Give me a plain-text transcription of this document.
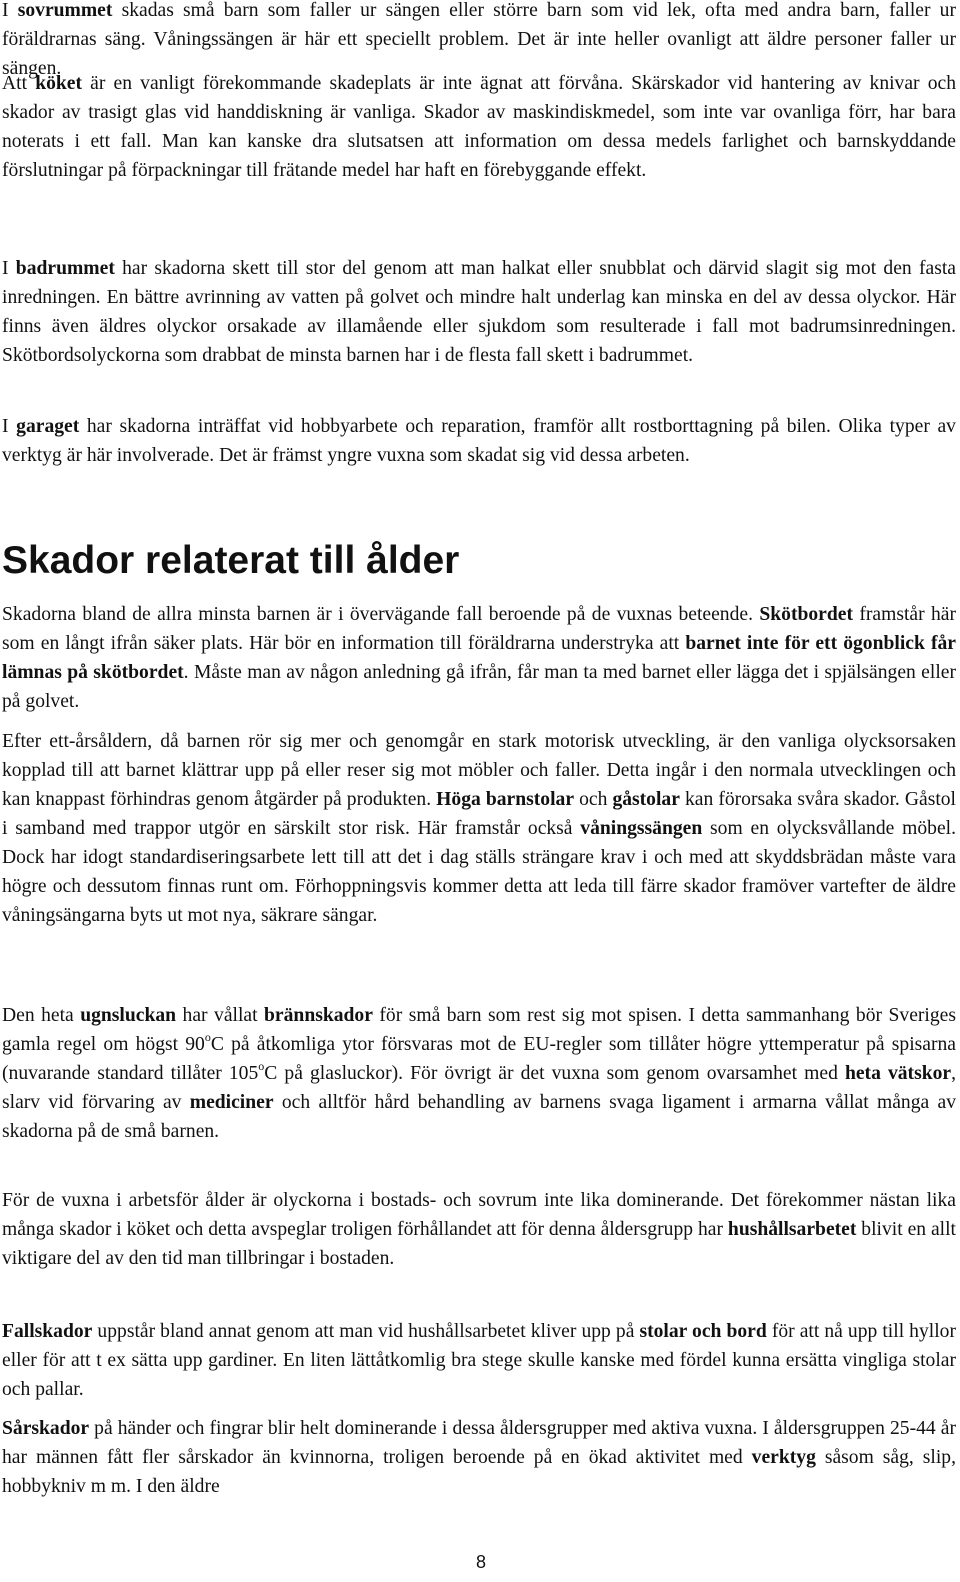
I sovrummet skadas små barn som faller ur sängen eller större barn som vid lek, ofta med andra barn, faller ur föräldrarnas säng. Våningssängen är här ett speciellt problem. Det är inte heller ovanligt att äldre personer faller ur sängen.

Att köket är en vanligt förekommande skadeplats är inte ägnat att förvåna. Skärskador vid hantering av knivar och skador av trasigt glas vid handdiskning är vanliga. Skador av maskindiskmedel, som inte var ovanliga förr, har bara noterats i ett fall. Man kan kanske dra slutsatsen att information om dessa medels farlighet och barnskyddande förslutningar på förpackningar till frätande medel har haft en förebyggande effekt.

I badrummet har skadorna skett till stor del genom att man halkat eller snubblat och därvid slagit sig mot den fasta inredningen. En bättre avrinning av vatten på golvet och mindre halt underlag kan minska en del av dessa olyckor. Här finns även äldres olyckor orsakade av illamående eller sjukdom som resulterade i fall mot badrumsinredningen. Skötbordsolyckorna som drabbat de minsta barnen har i de flesta fall skett i badrummet.

I garaget har skadorna inträffat vid hobbyarbete och reparation, framför allt rostborttagning på bilen. Olika typer av verktyg är här involverade. Det är främst yngre vuxna som skadat sig vid dessa arbeten.

Skador relaterat till ålder

Skadorna bland de allra minsta barnen är i övervägande fall beroende på de vuxnas beteende. Skötbordet framstår här som en långt ifrån säker plats. Här bör en information till föräldrarna understryka att barnet inte för ett ögonblick får lämnas på skötbordet. Måste man av någon anledning gå ifrån, får man ta med barnet eller lägga det i spjälsängen eller på golvet.

Efter ett-årsåldern, då barnen rör sig mer och genomgår en stark motorisk utveckling, är den vanliga olycksorsaken kopplad till att barnet klättrar upp på eller reser sig mot möbler och faller. Detta ingår i den normala utvecklingen och kan knappast förhindras genom åtgärder på produkten. Höga barnstolar och gåstolar kan förorsaka svåra skador. Gåstol i samband med trappor utgör en särskilt stor risk. Här framstår också våningssängen som en olycksvållande möbel. Dock har idogt standardiseringsarbete lett till att det i dag ställs strängare krav i och med att skyddsbrädan måste vara högre och dessutom finnas runt om. Förhoppningsvis kommer detta att leda till färre skador framöver vartefter de äldre våningsängarna byts ut mot nya, säkrare sängar.

Den heta ugnsluckan har vållat brännskador för små barn som rest sig mot spisen. I detta sammanhang bör Sveriges gamla regel om högst 90$^o$C på åtkomliga ytor försvaras mot de EU-regler som tillåter högre yttemperatur på spisarna (nuvarande standard tillåter 105$^o$C på glasluckor). För övrigt är det vuxna som genom ovarsamhet med heta vätskor, slarv vid förvaring av mediciner och alltför hård behandling av barnens svaga ligament i armarna vållat många av skadorna på de små barnen.

För de vuxna i arbetsför ålder är olyckorna i bostads- och sovrum inte lika dominerande. Det förekommer nästan lika många skador i köket och detta avspeglar troligen förhållandet att för denna åldersgrupp har hushållsarbetet blivit en allt viktigare del av den tid man tillbringar i bostaden.

Fallskador uppstår bland annat genom att man vid hushållsarbetet kliver upp på stolar och bord för att nå upp till hyllor eller för att t ex sätta upp gardiner. En liten lättåtkomlig bra stege skulle kanske med fördel kunna ersätta vingliga stolar och pallar.

Sårskador på händer och fingrar blir helt dominerande i dessa åldersgrupper med aktiva vuxna. I åldersgruppen 25-44 år har männen fått fler sårskador än kvinnorna, troligen beroende på en ökad aktivitet med verktyg såsom såg, slip, hobbykniv m m. I den äldre

8
